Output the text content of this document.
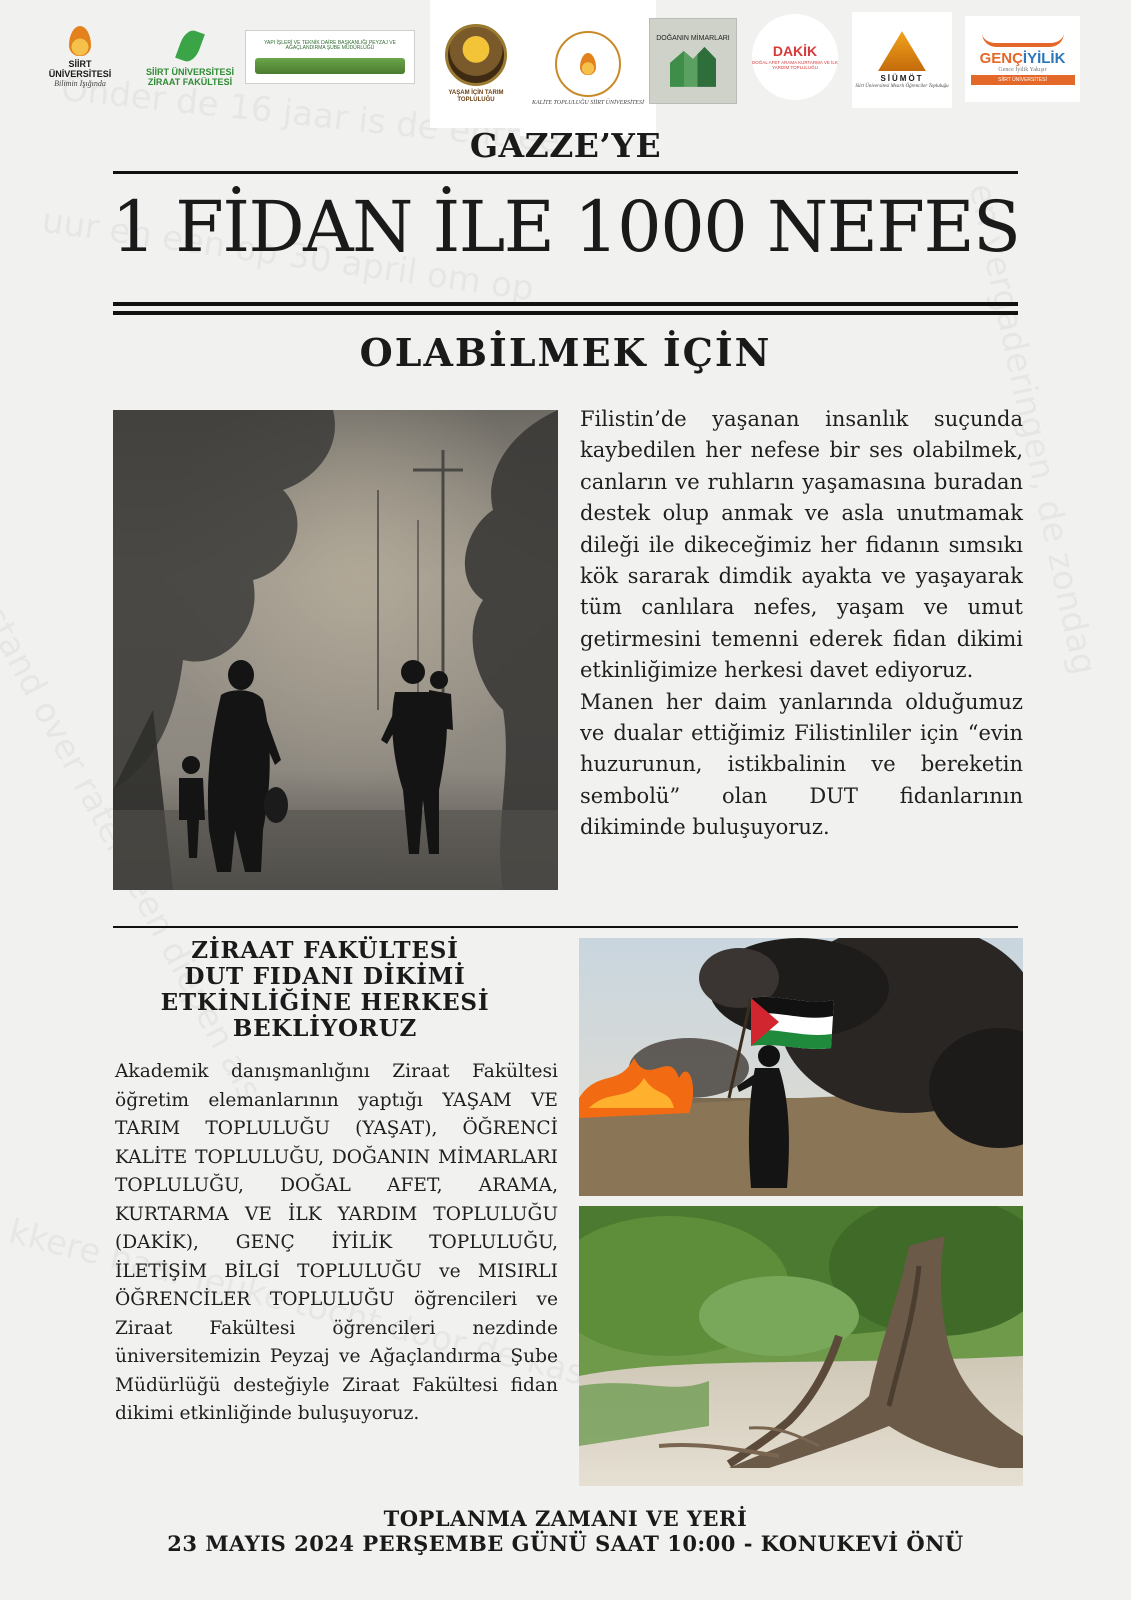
SİİRT ÜNİVERSİTESİ
Bilimin Işığında
SİİRT ÜNİVERSİTESİ ZİRAAT FAKÜLTESİ
YAPI İŞLERİ VE TEKNİK DAİRE BAŞKANLIĞI PEYZAJ VE AĞAÇLANDIRMA ŞUBE MÜDÜRLÜĞÜ
YAŞAM İÇİN TARIM TOPLULUĞU	KALİTE TOPLULUĞU SİİRT ÜNİVERSİTESİ
DOĞANIN MİMARLARI
DAKİK
DOĞAL AFET ARAMA KURTARMA VE İLK YARDIM TOPLULUĞU
SİÜMÖT
Siirt Üniversitesi Mısırlı Öğrenciler Topluluğu
GENÇİYİLİK
Gence İyilik Yakışır
SİİRT ÜNİVERSİTESİ
GAZZE’YE
1 FİDAN İLE 1000 NEFES
OLABİLMEK İÇİN

Filistin’de yaşanan insanlık suçunda kaybedilen her nefese bir ses olabilmek, canların ve ruhların yaşamasına buradan destek olup anmak ve asla unutmamak dileği ile dikeceğimiz her fidanın sımsıkı kök sararak dimdik ayakta ve yaşayarak tüm canlılara nefes, yaşam ve umut getirmesini temenni ederek fidan dikimi etkinliğimize herkesi davet ediyoruz.

Manen her daim yanlarında olduğumuz ve dualar ettiğimiz Filistinliler için “evin huzurunun, istikbalinin ve bereketin sembolü” olan DUT fidanlarının dikiminde buluşuyoruz.

ZİRAAT FAKÜLTESİ
DUT FIDANI DİKİMİ
ETKİNLİĞİNE HERKESİ
BEKLİYORUZ
Akademik danışmanlığını Ziraat Fakültesi öğretim elemanlarının yaptığı YAŞAM VE TARIM TOPLULUĞU (YAŞAT), ÖĞRENCİ KALİTE TOPLULUĞU, DOĞANIN MİMARLARI TOPLULUĞU, DOĞAL AFET, ARAMA, KURTARMA VE İLK YARDIM TOPLULUĞU (DAKİK), GENÇ İYİLİK TOPLULUĞU, İLETİŞİM BİLGİ TOPLULUĞU ve MISIRLI ÖĞRENCİLER TOPLULUĞU öğrencileri ve Ziraat Fakültesi öğrencileri nezdinde üniversitemizin Peyzaj ve Ağaçlandırma Şube Müdürlüğü desteğiyle Ziraat Fakültesi fidan dikimi etkinliğinde buluşuyoruz.
TOPLANMA ZAMANI VE YERİ
23 MAYIS 2024 PERŞEMBE GÜNÜ SAAT 10:00 - KONUKEVİ ÖNÜ
